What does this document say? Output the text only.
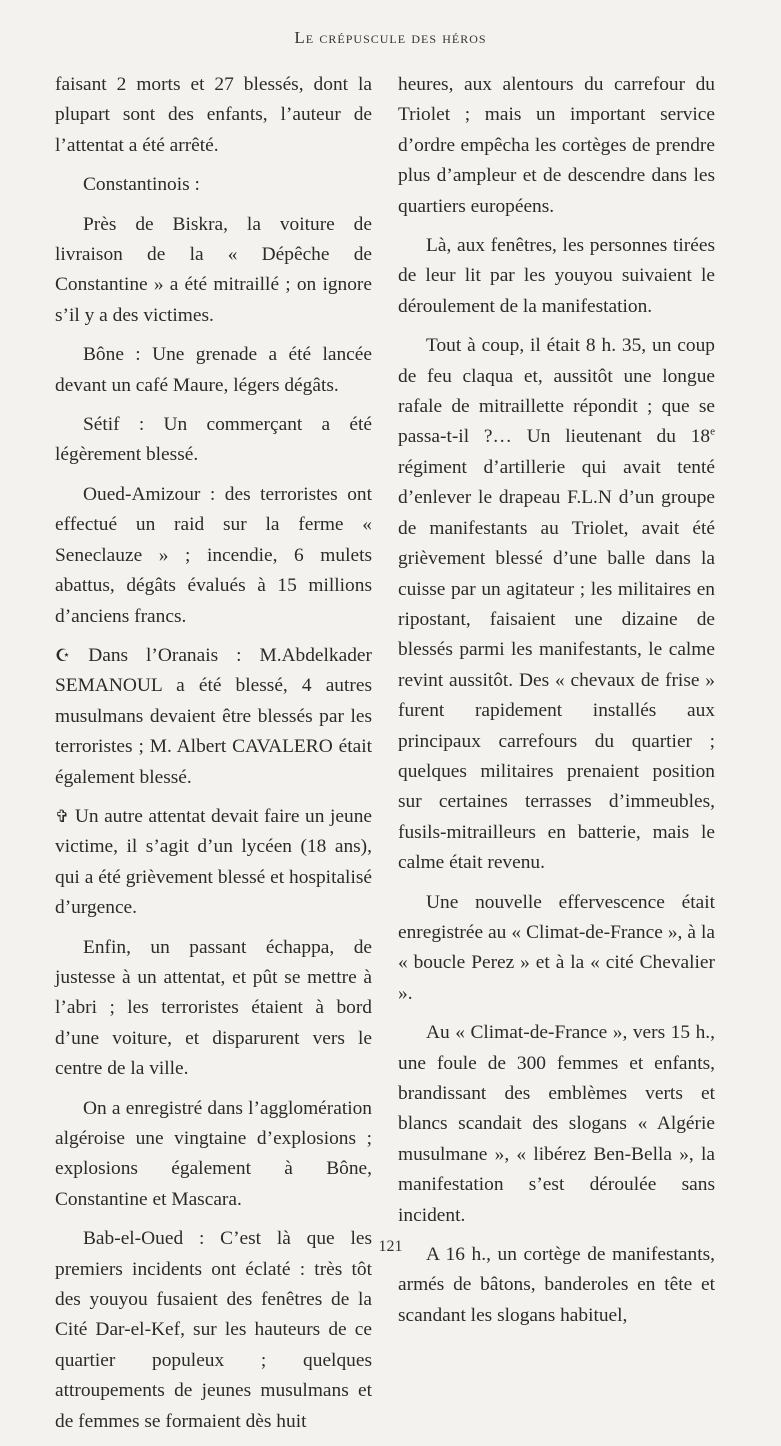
Le crépuscule des héros

faisant 2 morts et 27 blessés, dont la plupart sont des enfants, l’auteur de l’attentat a été arrêté.

Constantinois :

Près de Biskra, la voiture de livraison de la « Dépêche de Constantine » a été mitraillé ; on ignore s’il y a des victimes.

Bône : Une grenade a été lancée devant un café Maure, légers dégâts.

Sétif : Un commerçant a été légèrement blessé.

Oued-Amizour : des terroristes ont effectué un raid sur la ferme « Seneclauze » ; incendie, 6 mulets abattus, dégâts évalués à 15 millions d’anciens francs.

☪ Dans l’Oranais : M.Abdelkader SEMANOUL a été blessé, 4 autres musulmans devaient être blessés par les terroristes ; M. Albert CAVALERO était également blessé.

✞ Un autre attentat devait faire un jeune victime, il s’agit d’un lycéen (18 ans), qui a été grièvement blessé et hospitalisé d’urgence.

Enfin, un passant échappa, de justesse à un attentat, et pût se mettre à l’abri ; les terroristes étaient à bord d’une voiture, et disparurent vers le centre de la ville.

On a enregistré dans l’agglomération algéroise une vingtaine d’explosions ; explosions également à Bône, Constantine et Mascara.

Bab-el-Oued : C’est là que les premiers incidents ont éclaté : très tôt des youyou fusaient des fenêtres de la Cité Dar-el-Kef, sur les hauteurs de ce quartier populeux ; quelques attroupements de jeunes musulmans et de femmes se formaient dès huit

heures, aux alentours du carrefour du Triolet ; mais un important service d’ordre empêcha les cortèges de prendre plus d’ampleur et de descendre dans les quartiers européens.

Là, aux fenêtres, les personnes tirées de leur lit par les youyou suivaient le déroulement de la manifestation.

Tout à coup, il était 8 h. 35, un coup de feu claqua et, aussitôt une longue rafale de mitraillette répondit ; que se passa-t-il ?… Un lieutenant du 18e régiment d’artillerie qui avait tenté d’enlever le drapeau F.L.N d’un groupe de manifestants au Triolet, avait été grièvement blessé d’une balle dans la cuisse par un agitateur ; les militaires en ripostant, faisaient une dizaine de blessés parmi les manifestants, le calme revint aussitôt. Des « chevaux de frise » furent rapidement installés aux principaux carrefours du quartier ; quelques militaires prenaient position sur certaines terrasses d’immeubles, fusils-mitrailleurs en batterie, mais le calme était revenu.

Une nouvelle effervescence était enregistrée au « Climat-de-France », à la « boucle Perez » et à la « cité Chevalier ».

Au « Climat-de-France », vers 15 h., une foule de 300 femmes et enfants, brandissant des emblèmes verts et blancs scandait des slogans « Algérie musulmane », « libérez Ben-Bella », la manifestation s’est déroulée sans incident.

A 16 h., un cortège de manifestants, armés de bâtons, banderoles en tête et scandant les slogans habituel,

121
